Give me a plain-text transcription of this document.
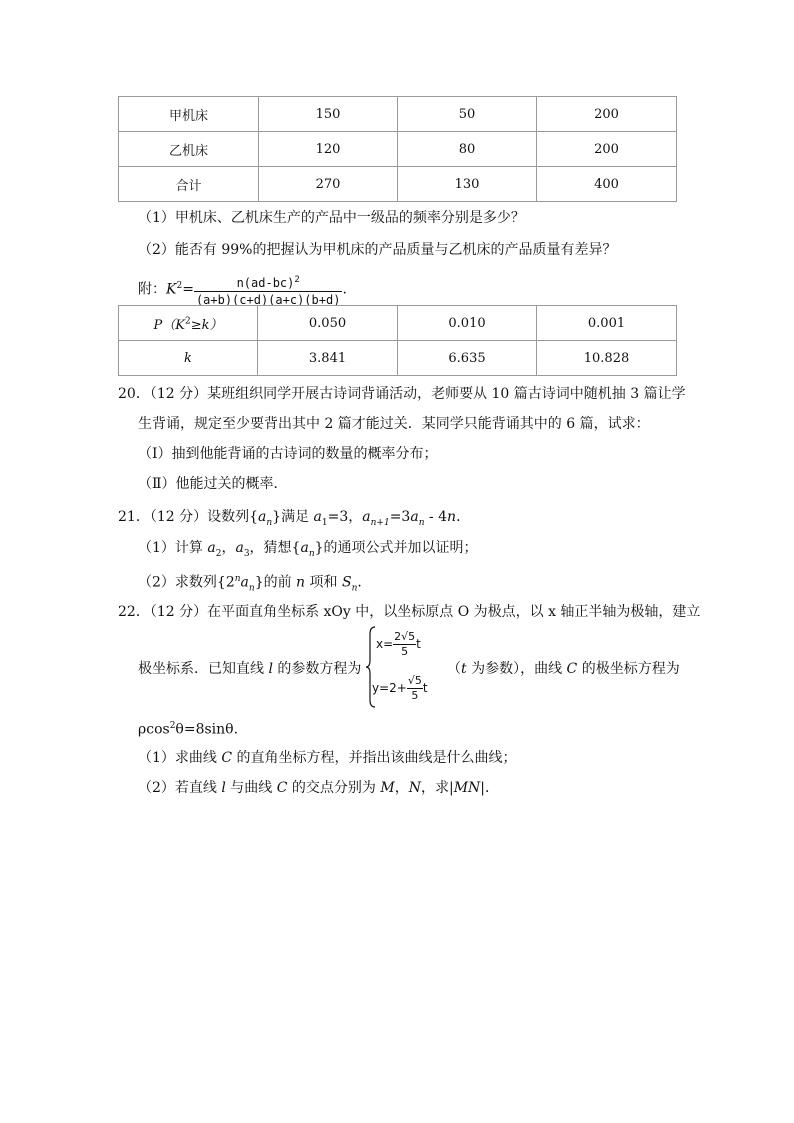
甲机床	150	50	200
乙机床	120	80	200
合计	270	130	400
（1）甲机床、乙机床生产的产品中一级品的频率分别是多少？
（2）能否有 99%的把握认为甲机床的产品质量与乙机床的产品质量有差异？
附：$K^2= \frac{n(ad-bc)^2}{(a+b)(c+d)(a+c)(b+d)}$ .
$P(K^2\ge k)$	0.050	0.010	0.001
k	3.841	6.635	10.828
20．（12 分）某班组织同学开展古诗词背诵活动，老师要从 10 篇古诗词中随机抽 3 篇让学
生背诵，规定至少要背出其中 2 篇才能过关．某同学只能背诵其中的 6 篇，试求：
（Ⅰ）抽到他能背诵的古诗词的数量的概率分布；
（Ⅱ）他能过关的概率．
21．（12 分）设数列$\{a_n\}$满足 $a_1=3$，$a_{n+1}=3a_n - 4n$．
（1）计算 $a_2$，$a_3$，猜想$\{a_n\}$的通项公式并加以证明；
（2）求数列$\{2^na_n\}$的前 n 项和 $S_n$．
22．（12 分）在平面直角坐标系 xOy 中，以坐标原点 O 为极点，以 x 轴正半轴为极轴，建立
极坐标系．已知直线 l 的参数方程为
$x= \frac{2√5}{5}$ t
$y=2+ \frac{√5}{5}$ t
（t 为参数），曲线 C 的极坐标方程为
ρcos$^2$θ=8sinθ.
（1）求曲线 C 的直角坐标方程，并指出该曲线是什么曲线；
（2）若直线 l 与曲线 C 的交点分别为 M，N，求|MN|．
